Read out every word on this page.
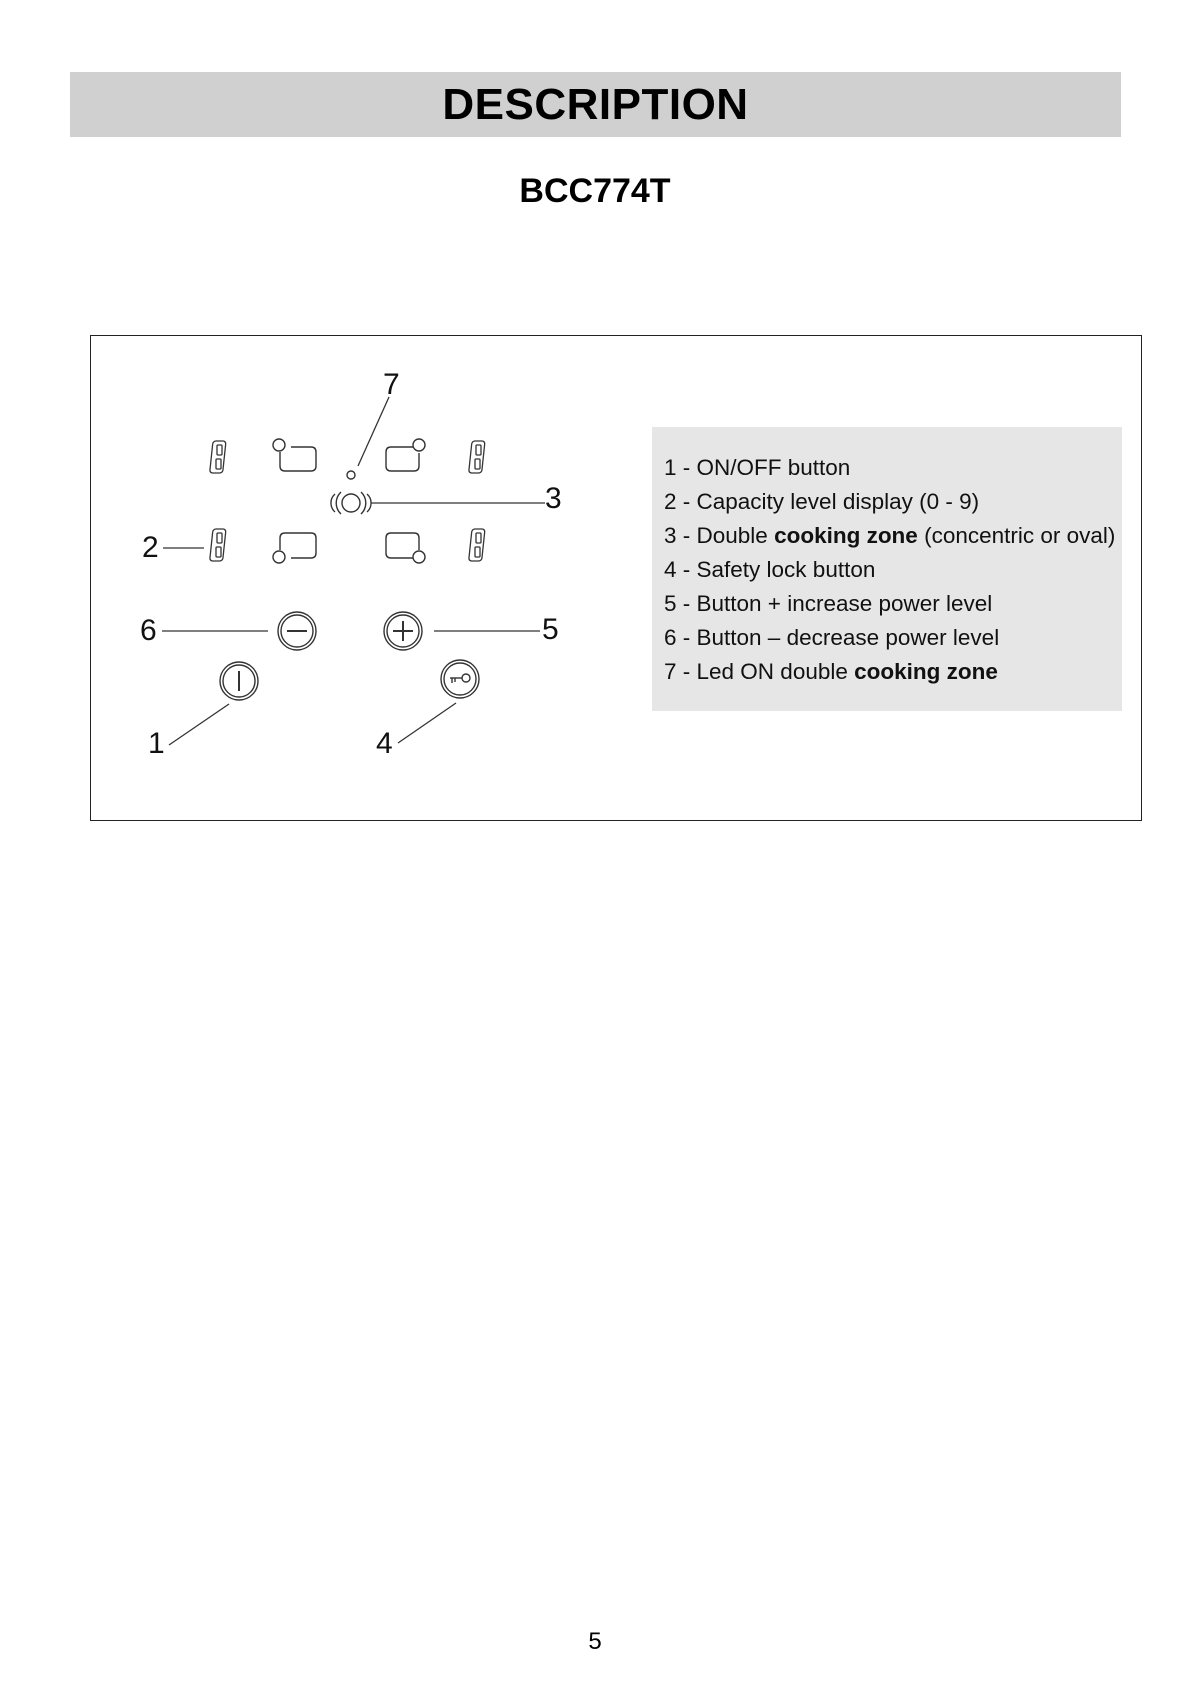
DESCRIPTION
BCC774T
7
3
2
6	5
1	4
1 - ON/OFF button
2 - Capacity level display (0 - 9)
3 - Double cooking zone (concentric or oval)
4 - Safety lock button
5 - Button + increase power level
6 - Button – decrease power level
7 - Led ON double cooking zone
5
